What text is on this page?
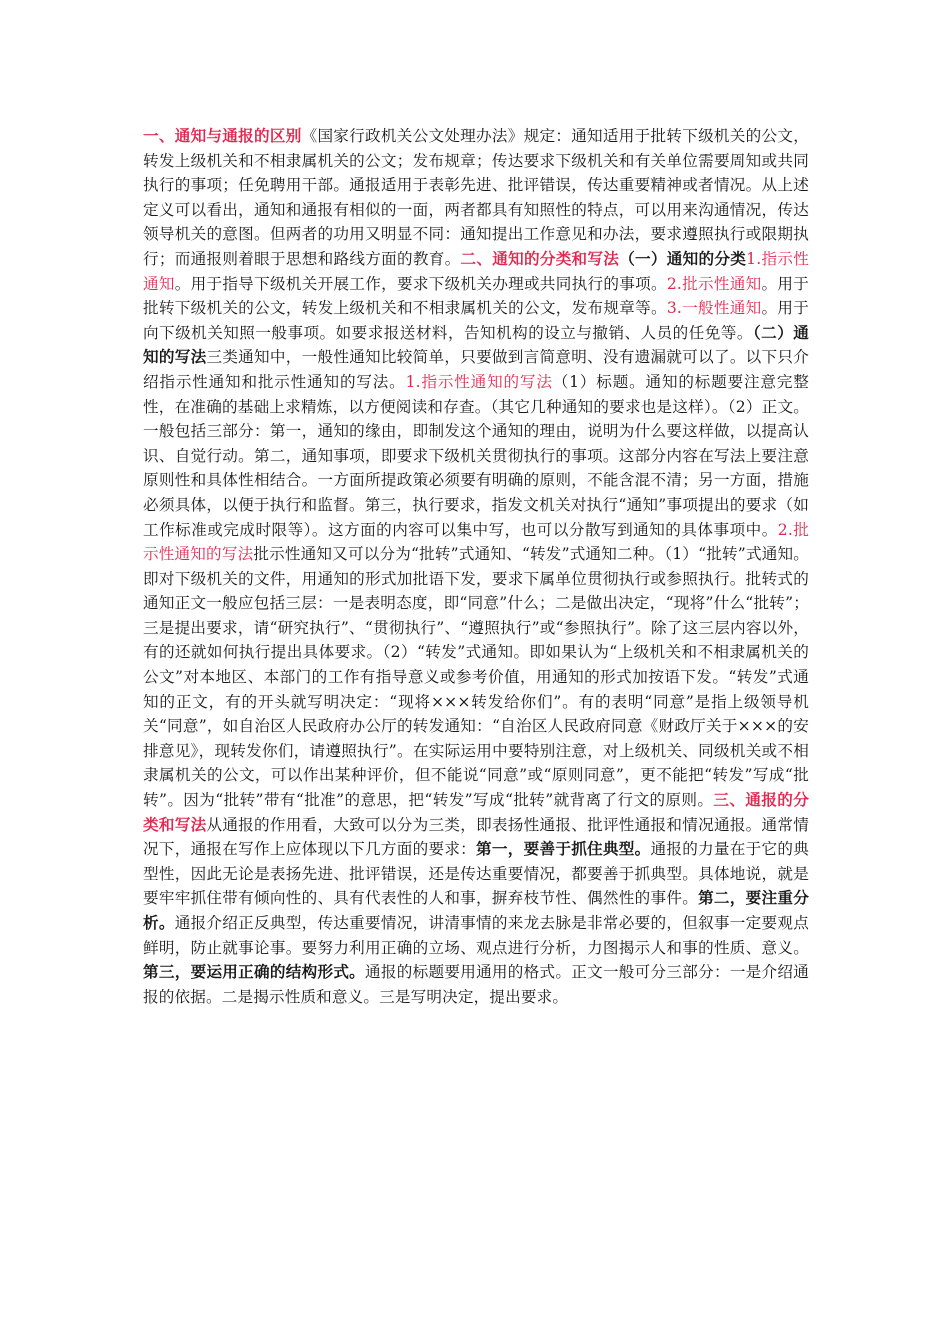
一、通知与通报的区别《国家行政机关公文处理办法》规定：通知适用于批转下级机关的公文，转发上级机关和不相隶属机关的公文；发布规章；传达要求下级机关和有关单位需要周知或共同执行的事项；任免聘用干部。通报适用于表彰先进、批评错误，传达重要精神或者情况。从上述定义可以看出，通知和通报有相似的一面，两者都具有知照性的特点，可以用来沟通情况，传达领导机关的意图。但两者的功用又明显不同：通知提出工作意见和办法，要求遵照执行或限期执行；而通报则着眼于思想和路线方面的教育。二、通知的分类和写法（一）通知的分类1.指示性通知。用于指导下级机关开展工作，要求下级机关办理或共同执行的事项。2.批示性通知。用于批转下级机关的公文，转发上级机关和不相隶属机关的公文，发布规章等。3.一般性通知。用于向下级机关知照一般事项。如要求报送材料，告知机构的设立与撤销、人员的任免等。（二）通知的写法三类通知中，一般性通知比较简单，只要做到言简意明、没有遗漏就可以了。以下只介绍指示性通知和批示性通知的写法。1.指示性通知的写法（1）标题。通知的标题要注意完整性，在准确的基础上求精炼，以方便阅读和存查。（其它几种通知的要求也是这样）。（2）正文。一般包括三部分：第一，通知的缘由，即制发这个通知的理由，说明为什么要这样做，以提高认识、自觉行动。第二，通知事项，即要求下级机关贯彻执行的事项。这部分内容在写法上要注意原则性和具体性相结合。一方面所提政策必须要有明确的原则，不能含混不清；另一方面，措施必须具体，以便于执行和监督。第三，执行要求，指发文机关对执行“通知”事项提出的要求（如工作标准或完成时限等）。这方面的内容可以集中写，也可以分散写到通知的具体事项中。2.批示性通知的写法批示性通知又可以分为“批转”式通知、“转发”式通知二种。（1）“批转”式通知。即对下级机关的文件，用通知的形式加批语下发，要求下属单位贯彻执行或参照执行。批转式的通知正文一般应包括三层：一是表明态度，即“同意”什么；二是做出决定，“现将”什么“批转”；三是提出要求，请“研究执行”、“贯彻执行”、“遵照执行”或“参照执行”。除了这三层内容以外，有的还就如何执行提出具体要求。（2）“转发”式通知。即如果认为“上级机关和不相隶属机关的公文”对本地区、本部门的工作有指导意义或参考价值，用通知的形式加按语下发。“转发”式通知的正文，有的开头就写明决定：“现将×××转发给你们”。有的表明“同意”是指上级领导机关“同意”，如自治区人民政府办公厅的转发通知：“自治区人民政府同意《财政厅关于×××的安排意见》，现转发你们，请遵照执行”。在实际运用中要特别注意，对上级机关、同级机关或不相隶属机关的公文，可以作出某种评价，但不能说“同意”或“原则同意”，更不能把“转发”写成“批转”。因为“批转”带有“批准”的意思，把“转发”写成“批转”就背离了行文的原则。三、通报的分类和写法从通报的作用看，大致可以分为三类，即表扬性通报、批评性通报和情况通报。通常情况下，通报在写作上应体现以下几方面的要求：第一，要善于抓住典型。通报的力量在于它的典型性，因此无论是表扬先进、批评错误，还是传达重要情况，都要善于抓典型。具体地说，就是要牢牢抓住带有倾向性的、具有代表性的人和事，摒弃枝节性、偶然性的事件。第二，要注重分析。通报介绍正反典型，传达重要情况，讲清事情的来龙去脉是非常必要的，但叙事一定要观点鲜明，防止就事论事。要努力利用正确的立场、观点进行分析，力图揭示人和事的性质、意义。第三，要运用正确的结构形式。通报的标题要用通用的格式。正文一般可分三部分：一是介绍通报的依据。二是揭示性质和意义。三是写明决定，提出要求。
